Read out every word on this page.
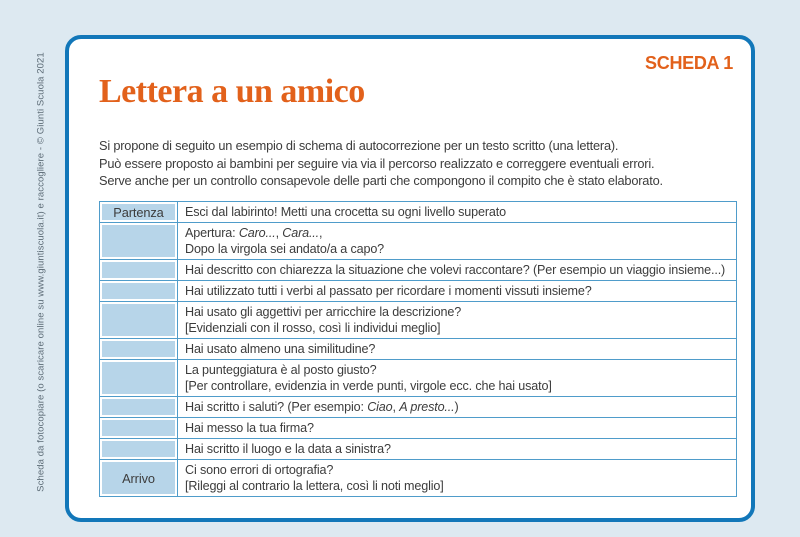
Scheda da fotocopiare (o scaricare online su www.giuntiscuola.it) e raccogliere - © Giunti Scuola 2021	SCHEDA 1
Lettera a un amico
Si propone di seguito un esempio di schema di autocorrezione per un testo scritto (una lettera).
Può essere proposto ai bambini per seguire via via il percorso realizzato e correggere eventuali errori.
Serve anche per un controllo consapevole delle parti che compongono il compito che è stato elaborato.
Partenza	Esci dal labirinto! Metti una crocetta su ogni livello superato
Apertura: Caro..., Cara...,
Dopo la virgola sei andato/a a capo?
Hai descritto con chiarezza la situazione che volevi raccontare? (Per esempio un viaggio insieme...)
Hai utilizzato tutti i verbi al passato per ricordare i momenti vissuti insieme?
Hai usato gli aggettivi per arricchire la descrizione?
[Evidenziali con il rosso, così li individui meglio]
Hai usato almeno una similitudine?
La punteggiatura è al posto giusto?
[Per controllare, evidenzia in verde punti, virgole ecc. che hai usato]
Hai scritto i saluti? (Per esempio: Ciao, A presto...)
Hai messo la tua firma?
Hai scritto il luogo e la data a sinistra?
Arrivo
Ci sono errori di ortografia?
[Rileggi al contrario la lettera, così li noti meglio]
